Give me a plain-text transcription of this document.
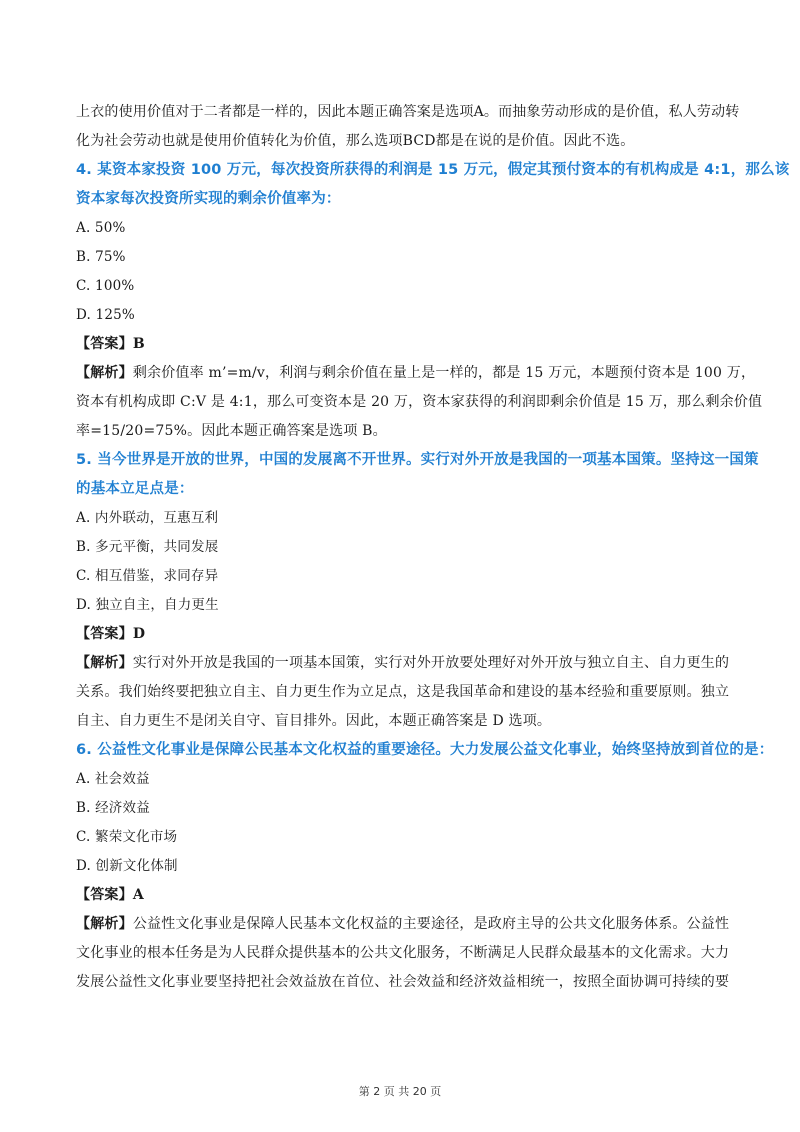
上衣的使用价值对于二者都是一样的，因此本题正确答案是选项A。而抽象劳动形成的是价值，私人劳动转
化为社会劳动也就是使用价值转化为价值，那么选项BCD都是在说的是价值。因此不选。
4. 某资本家投资 100 万元，每次投资所获得的利润是 15 万元，假定其预付资本的有机构成是 4:1，那么该
资本家每次投资所实现的剩余价值率为：
A. 50%
B. 75%
C. 100%
D. 125%
【答案】B
【解析】剩余价值率 m’=m/v，利润与剩余价值在量上是一样的，都是 15 万元，本题预付资本是 100 万，
资本有机构成即 C:V 是 4:1，那么可变资本是 20 万，资本家获得的利润即剩余价值是 15 万，那么剩余价值
率=15/20=75%。因此本题正确答案是选项 B。
5. 当今世界是开放的世界，中国的发展离不开世界。实行对外开放是我国的一项基本国策。坚持这一国策
的基本立足点是：
A. 内外联动，互惠互利
B. 多元平衡，共同发展
C. 相互借鉴，求同存异
D. 独立自主，自力更生
【答案】D
【解析】实行对外开放是我国的一项基本国策，实行对外开放要处理好对外开放与独立自主、自力更生的
关系。我们始终要把独立自主、自力更生作为立足点，这是我国革命和建设的基本经验和重要原则。独立
自主、自力更生不是闭关自守、盲目排外。因此，本题正确答案是 D 选项。
6. 公益性文化事业是保障公民基本文化权益的重要途径。大力发展公益文化事业，始终坚持放到首位的是：
A. 社会效益
B. 经济效益
C. 繁荣文化市场
D. 创新文化体制
【答案】A
【解析】公益性文化事业是保障人民基本文化权益的主要途径，是政府主导的公共文化服务体系。公益性
文化事业的根本任务是为人民群众提供基本的公共文化服务，不断满足人民群众最基本的文化需求。大力
发展公益性文化事业要坚持把社会效益放在首位、社会效益和经济效益相统一，按照全面协调可持续的要
第 2 页 共 20 页
